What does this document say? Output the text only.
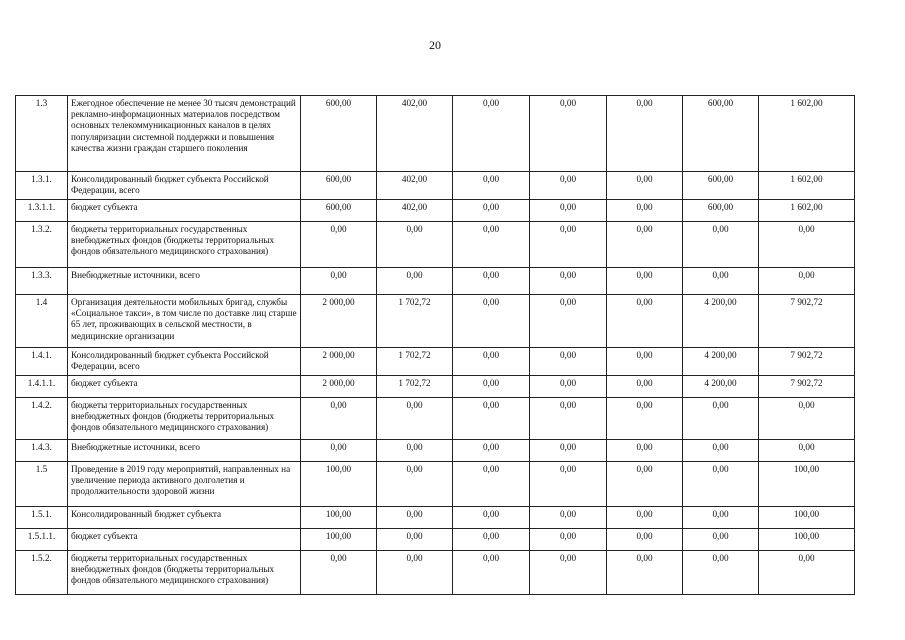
20
1.3	Ежегодное обеспечение не менее 30 тысяч демонстраций рекламно-информационных материалов посредством основных телекоммуникационных каналов в целях популяризации системной поддержки и повышения качества жизни граждан старшего поколения	600,00	402,00	0,00	0,00	0,00	600,00	1 602,00
1.3.1.	Консолидированный бюджет субъекта Российской Федерации, всего	600,00	402,00	0,00	0,00	0,00	600,00	1 602,00
1.3.1.1.	бюджет субъекта	600,00	402,00	0,00	0,00	0,00	600,00	1 602,00
1.3.2.	бюджеты территориальных государственных внебюджетных фондов (бюджеты территориальных фондов обязательного медицинского страхования)	0,00	0,00	0,00	0,00	0,00	0,00	0,00
1.3.3.	Внебюджетные источники, всего	0,00	0,00	0,00	0,00	0,00	0,00	0,00
1.4	Организация деятельности мобильных бригад, службы «Социальное такси», в том числе по доставке лиц старше 65 лет, проживающих в сельской местности, в медицинские организации	2 000,00	1 702,72	0,00	0,00	0,00	4 200,00	7 902,72
1.4.1.	Консолидированный бюджет субъекта Российской Федерации, всего	2 000,00	1 702,72	0,00	0,00	0,00	4 200,00	7 902,72
1.4.1.1.	бюджет субъекта	2 000,00	1 702,72	0,00	0,00	0,00	4 200,00	7 902,72
1.4.2.	бюджеты территориальных государственных внебюджетных фондов (бюджеты территориальных фондов обязательного медицинского страхования)	0,00	0,00	0,00	0,00	0,00	0,00	0,00
1.4.3.	Внебюджетные источники, всего	0,00	0,00	0,00	0,00	0,00	0,00	0,00
1.5	Проведение в 2019 году мероприятий, направленных на увеличение периода активного долголетия и продолжительности здоровой жизни	100,00	0,00	0,00	0,00	0,00	0,00	100,00
1.5.1.	Консолидированный бюджет субъекта	100,00	0,00	0,00	0,00	0,00	0,00	100,00
1.5.1.1.	бюджет субъекта	100,00	0,00	0,00	0,00	0,00	0,00	100,00
1.5.2.	бюджеты территориальных государственных внебюджетных фондов (бюджеты территориальных фондов обязательного медицинского страхования)	0,00	0,00	0,00	0,00	0,00	0,00	0,00
